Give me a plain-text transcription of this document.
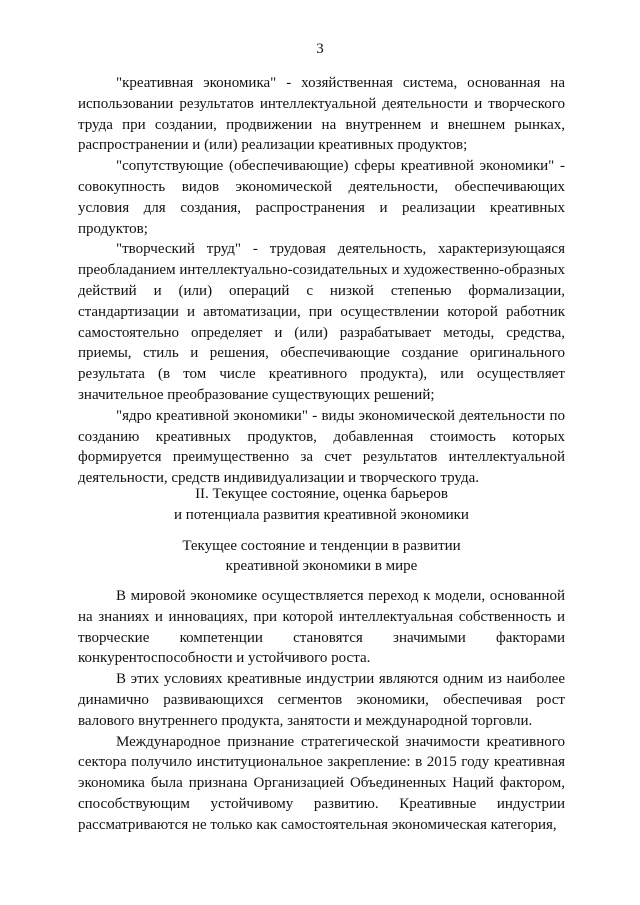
3

"креативная экономика" - хозяйственная система, основанная на использовании результатов интеллектуальной деятельности и творческого труда при создании, продвижении на внутреннем и внешнем рынках, распространении и (или) реализации креативных продуктов;

"сопутствующие (обеспечивающие) сферы креативной экономики" - совокупность видов экономической деятельности, обеспечивающих условия для создания, распространения и реализации креативных продуктов;

"творческий труд" - трудовая деятельность, характеризующаяся преобладанием интеллектуально-созидательных и художественно-образных действий и (или) операций с низкой степенью формализации, стандартизации и автоматизации, при осуществлении которой работник самостоятельно определяет и (или) разрабатывает методы, средства, приемы, стиль и решения, обеспечивающие создание оригинального результата (в том числе креативного продукта), или осуществляет значительное преобразование существующих решений;

"ядро креативной экономики" - виды экономической деятельности по созданию креативных продуктов, добавленная стоимость которых формируется преимущественно за счет результатов интеллектуальной деятельности, средств индивидуализации и творческого труда.

II. Текущее состояние, оценка барьеров
и потенциала развития креативной экономики
Текущее состояние и тенденции в развитии
креативной экономики в мире

В мировой экономике осуществляется переход к модели, основанной на знаниях и инновациях, при которой интеллектуальная собственность и творческие компетенции становятся значимыми факторами конкурентоспособности и устойчивого роста.

В этих условиях креативные индустрии являются одним из наиболее динамично развивающихся сегментов экономики, обеспечивая рост валового внутреннего продукта, занятости и международной торговли.

Международное признание стратегической значимости креативного сектора получило институциональное закрепление: в 2015 году креативная экономика была признана Организацией Объединенных Наций фактором, способствующим устойчивому развитию. Креативные индустрии рассматриваются не только как самостоятельная экономическая категория,
